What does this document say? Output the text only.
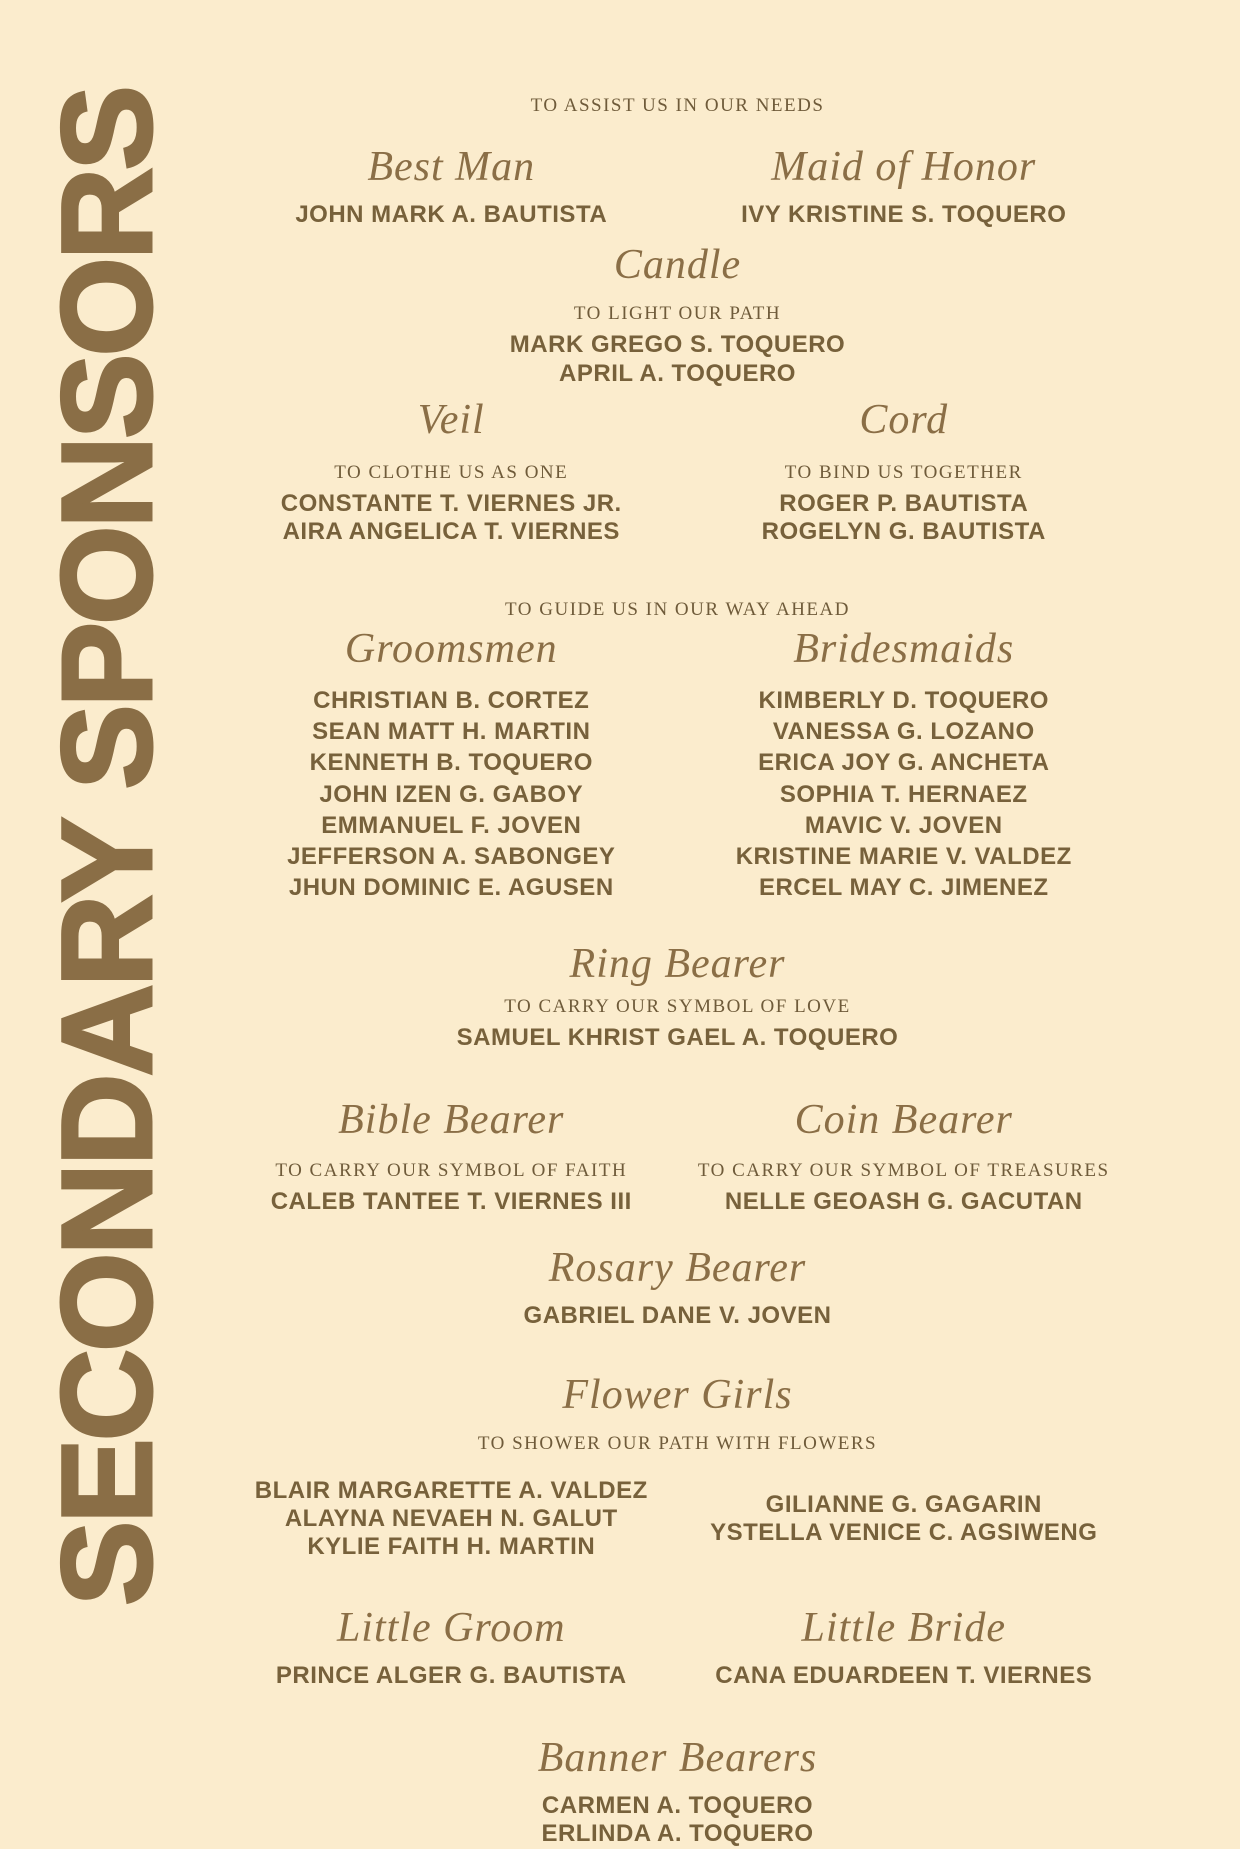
SECONDARY SPONSORS	TO ASSIST US IN OUR NEEDS
Best Man
JOHN MARK A. BAUTISTA
Maid of Honor
IVY KRISTINE S. TOQUERO
Candle
TO LIGHT OUR PATH
MARK GREGO S. TOQUERO
APRIL A. TOQUERO
Veil
TO CLOTHE US AS ONE
CONSTANTE T. VIERNES JR.
AIRA ANGELICA T. VIERNES
Cord
TO BIND US TOGETHER
ROGER P. BAUTISTA
ROGELYN G. BAUTISTA
TO GUIDE US IN OUR WAY AHEAD
Groomsmen
CHRISTIAN B. CORTEZ
SEAN MATT H. MARTIN
KENNETH B. TOQUERO
JOHN IZEN G. GABOY
EMMANUEL F. JOVEN
JEFFERSON A. SABONGEY
JHUN DOMINIC E. AGUSEN
Bridesmaids
KIMBERLY D. TOQUERO
VANESSA G. LOZANO
ERICA JOY G. ANCHETA
SOPHIA T. HERNAEZ
MAVIC V. JOVEN
KRISTINE MARIE V. VALDEZ
ERCEL MAY C. JIMENEZ
Ring Bearer
TO CARRY OUR SYMBOL OF LOVE
SAMUEL KHRIST GAEL A. TOQUERO
Bible Bearer
TO CARRY OUR SYMBOL OF FAITH
CALEB TANTEE T. VIERNES III
Coin Bearer
TO CARRY OUR SYMBOL OF TREASURES
NELLE GEOASH G. GACUTAN
Rosary Bearer
GABRIEL DANE V. JOVEN
Flower Girls
TO SHOWER OUR PATH WITH FLOWERS
BLAIR MARGARETTE A. VALDEZ
ALAYNA NEVAEH N. GALUT
KYLIE FAITH H. MARTIN
GILIANNE G. GAGARIN
YSTELLA VENICE C. AGSIWENG
Little Groom
PRINCE ALGER G. BAUTISTA
Little Bride
CANA EDUARDEEN T. VIERNES
Banner Bearers
CARMEN A. TOQUERO
ERLINDA A. TOQUERO
